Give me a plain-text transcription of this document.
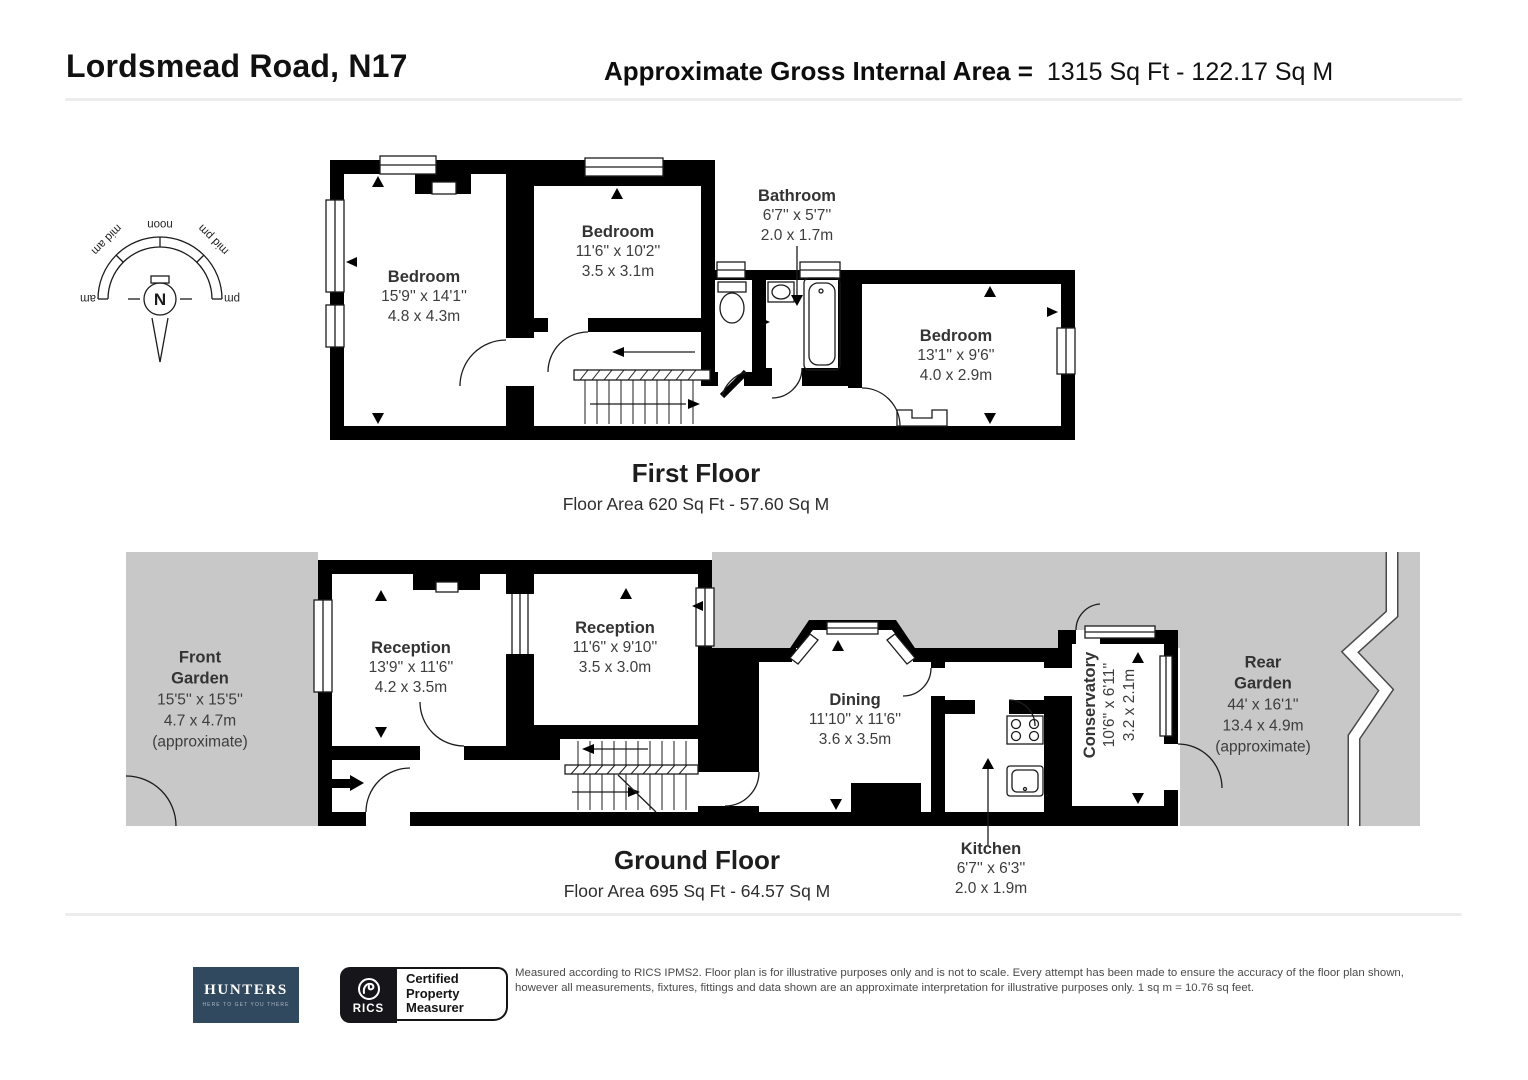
Lordsmead Road, N17	Approximate Gross Internal Area = 1315 Sq Ft - 122.17 Sq M
N
am
mid am noon mid pm
pm
Bedroom
15'9'' x 14'1''
4.8 x 4.3m
Bedroom
11'6'' x 10'2''
3.5 x 3.1m
Bathroom
6'7'' x 5'7''
2.0 x 1.7m
Bedroom
13'1'' x 9'6''
4.0 x 2.9m
First Floor
Floor Area 620 Sq Ft - 57.60 Sq M
Front
Garden
15'5'' x 15'5''
4.7 x 4.7m
(approximate)
Reception
13'9'' x 11'6''
4.2 x 3.5m
Reception
11'6'' x 9'10''
3.5 x 3.0m
Dining
11'10'' x 11'6''
3.6 x 3.5m	Conservatory 10'6'' x 6'11'' 3.2 x 2.1m
Kitchen
6'7'' x 6'3''
2.0 x 1.9m
Rear
Garden
44' x 16'1''
13.4 x 4.9m
(approximate)
Ground Floor
Floor Area 695 Sq Ft - 64.57 Sq M
HUNTERS
HERE TO GET YOU THERE	RICS
Certified
Property
Measurer
Measured according to RICS IPMS2. Floor plan is for illustrative purposes only and is not to scale. Every attempt has been made to ensure the accuracy of the floor plan shown,
however all measurements, fixtures, fittings and data shown are an approximate interpretation for illustrative purposes only. 1 sq m = 10.76 sq feet.
